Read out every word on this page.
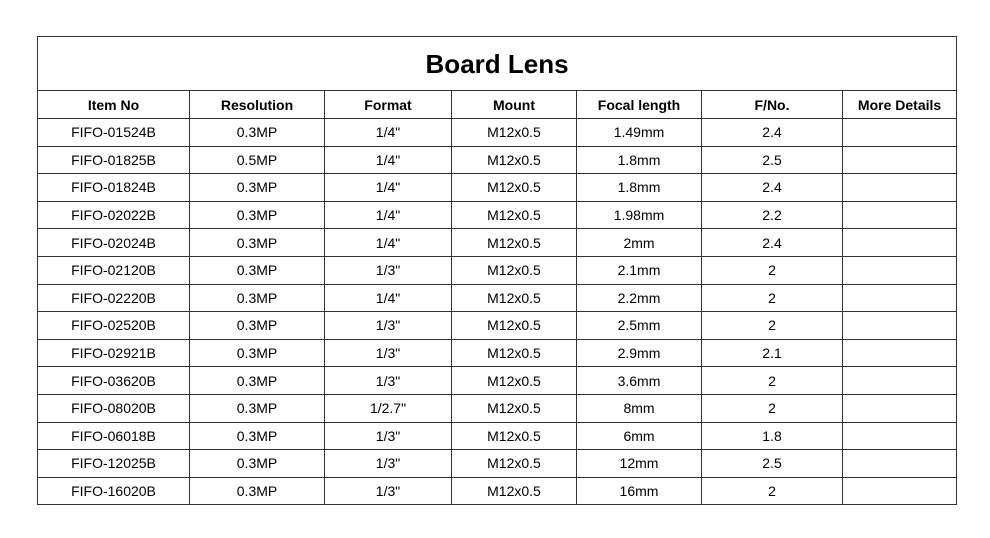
Board Lens						
Item No	Resolution	Format	Mount	Focal length	F/No.	More Details
FIFO-01524B	0.3MP	1/4"	M12x0.5	1.49mm	2.4	
FIFO-01825B	0.5MP	1/4"	M12x0.5	1.8mm	2.5	
FIFO-01824B	0.3MP	1/4"	M12x0.5	1.8mm	2.4	
FIFO-02022B	0.3MP	1/4"	M12x0.5	1.98mm	2.2	
FIFO-02024B	0.3MP	1/4"	M12x0.5	2mm	2.4	
FIFO-02120B	0.3MP	1/3"	M12x0.5	2.1mm	2	
FIFO-02220B	0.3MP	1/4"	M12x0.5	2.2mm	2	
FIFO-02520B	0.3MP	1/3"	M12x0.5	2.5mm	2	
FIFO-02921B	0.3MP	1/3"	M12x0.5	2.9mm	2.1	
FIFO-03620B	0.3MP	1/3"	M12x0.5	3.6mm	2	
FIFO-08020B	0.3MP	1/2.7"	M12x0.5	8mm	2	
FIFO-06018B	0.3MP	1/3"	M12x0.5	6mm	1.8	
FIFO-12025B	0.3MP	1/3"	M12x0.5	12mm	2.5	
FIFO-16020B	0.3MP	1/3"	M12x0.5	16mm	2	
